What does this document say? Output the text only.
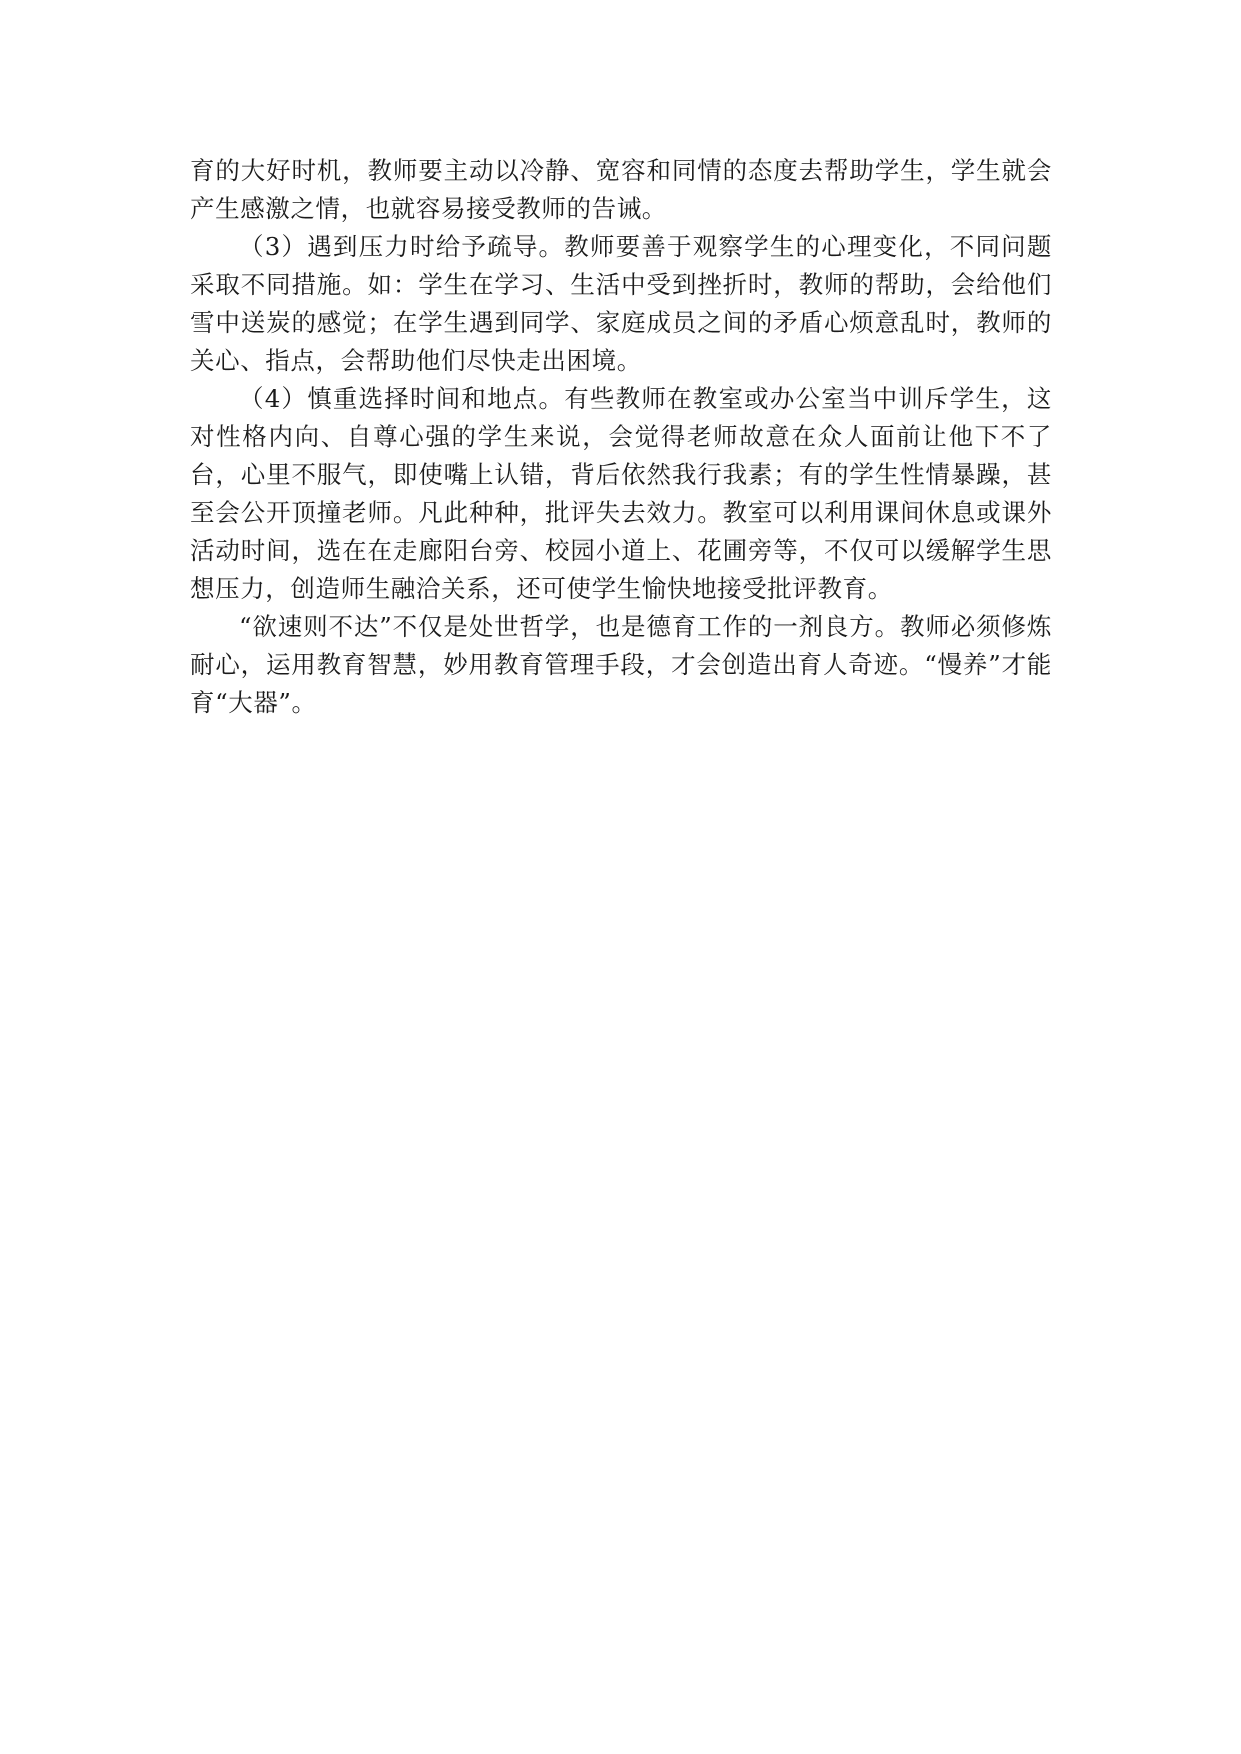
育的大好时机，教师要主动以冷静、宽容和同情的态度去帮助学生，学生就会产生感激之情，也就容易接受教师的告诫。

（3）遇到压力时给予疏导。教师要善于观察学生的心理变化，不同问题采取不同措施。如：学生在学习、生活中受到挫折时，教师的帮助，会给他们雪中送炭的感觉；在学生遇到同学、家庭成员之间的矛盾心烦意乱时，教师的关心、指点，会帮助他们尽快走出困境。

（4）慎重选择时间和地点。有些教师在教室或办公室当中训斥学生，这对性格内向、自尊心强的学生来说，会觉得老师故意在众人面前让他下不了台，心里不服气，即使嘴上认错，背后依然我行我素；有的学生性情暴躁，甚至会公开顶撞老师。凡此种种，批评失去效力。教室可以利用课间休息或课外活动时间，选在在走廊阳台旁、校园小道上、花圃旁等，不仅可以缓解学生思想压力，创造师生融洽关系，还可使学生愉快地接受批评教育。

“欲速则不达”不仅是处世哲学，也是德育工作的一剂良方。教师必须修炼耐心，运用教育智慧，妙用教育管理手段，才会创造出育人奇迹。“慢养”才能育“大器”。
